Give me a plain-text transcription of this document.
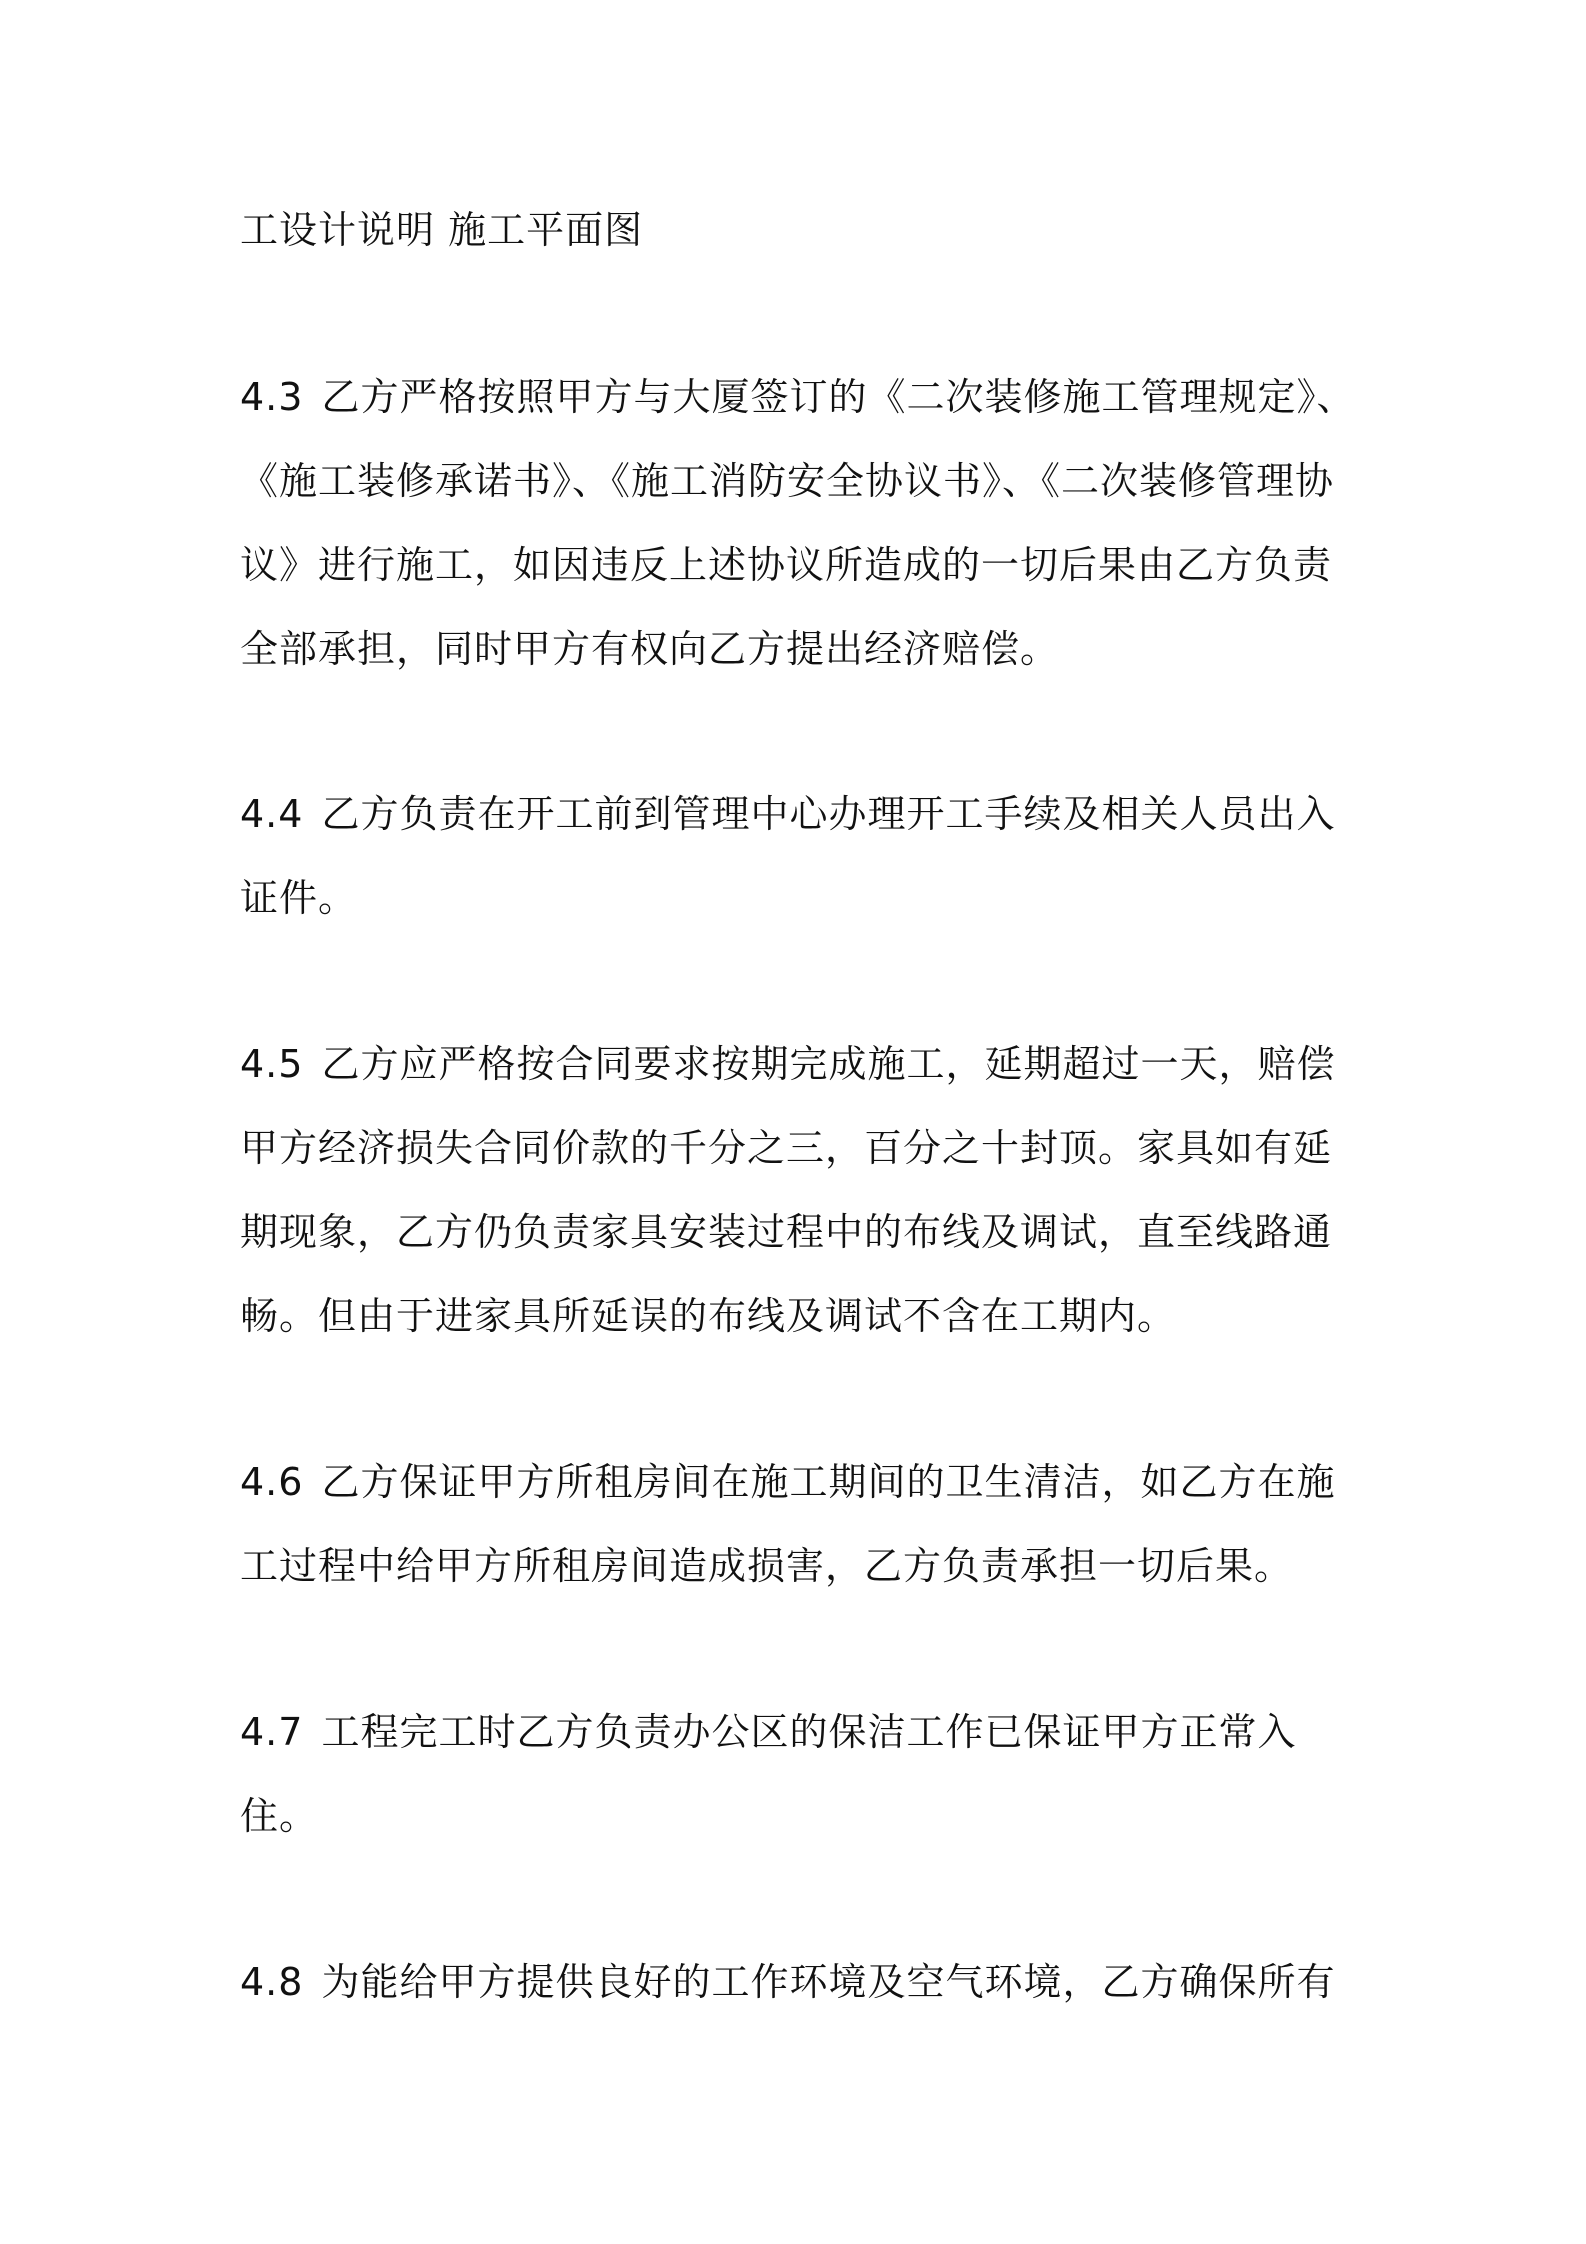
工设计说明 施工平面图

4.3 乙方严格按照甲方与大厦签订的《二次装修施工管理规定》、《施工装修承诺书》、《施工消防安全协议书》、《二次装修管理协议》进行施工，如因违反上述协议所造成的一切后果由乙方负责全部承担，同时甲方有权向乙方提出经济赔偿。

4.4 乙方负责在开工前到管理中心办理开工手续及相关人员出入证件。

4.5 乙方应严格按合同要求按期完成施工，延期超过一天，赔偿甲方经济损失合同价款的千分之三，百分之十封顶。家具如有延期现象，乙方仍负责家具安装过程中的布线及调试，直至线路通畅。但由于进家具所延误的布线及调试不含在工期内。

4.6 乙方保证甲方所租房间在施工期间的卫生清洁，如乙方在施工过程中给甲方所租房间造成损害，乙方负责承担一切后果。

4.7 工程完工时乙方负责办公区的保洁工作已保证甲方正常入住。

4.8 为能给甲方提供良好的工作环境及空气环境，乙方确保所有
